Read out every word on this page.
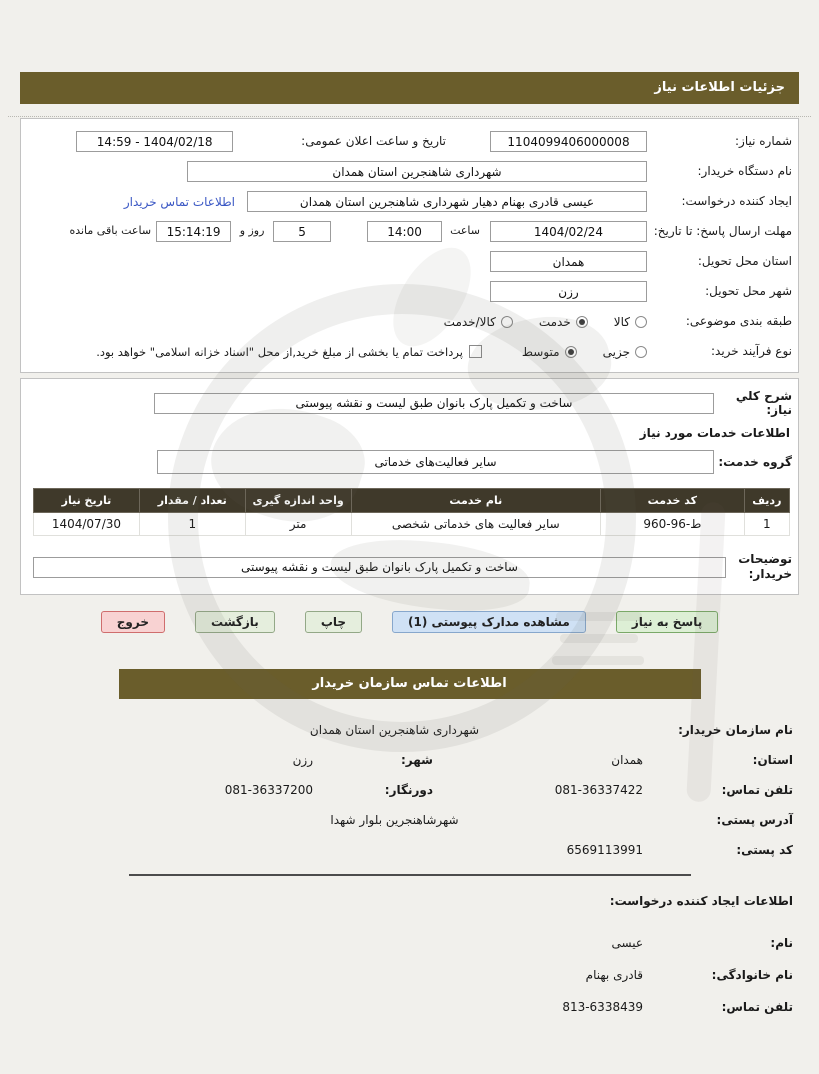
جزئیات اطلاعات نیاز
شماره نیاز:
1104099406000008
تاریخ و ساعت اعلان عمومی:
1404/02/18 - 14:59
نام دستگاه خریدار:
شهرداری شاهنجرین استان همدان
ایجاد کننده درخواست:
عیسی قادری بهنام دهیار شهرداری شاهنجرین استان همدان
اطلاعات تماس خریدار
مهلت ارسال پاسخ: تا تاریخ:
1404/02/24
ساعت
14:00
5
روز و
15:14:19
ساعت باقی مانده
استان محل تحویل:
همدان
شهر محل تحویل:
رزن
طبقه بندی موضوعی:
کالا
خدمت
کالا/خدمت
نوع فرآیند خرید:
جزیی
متوسط
پرداخت تمام یا بخشی از مبلغ خرید,از محل "اسناد خزانه اسلامی" خواهد بود.
شرح كلي نياز:
ساخت و تکمیل پارک بانوان طبق لیست و نقشه پیوستی
اطلاعات خدمات مورد نیاز
گروه خدمت:
سایر فعالیت‌های خدماتی
ردیف	کد خدمت	نام خدمت	واحد اندازه گیری	تعداد / مقدار	تاریخ نیاز
1	ط-96-960	سایر فعالیت های خدماتی شخصی	متر	1	1404/07/30
توضیحات خریدار:
ساخت و تکمیل پارک بانوان طبق لیست و نقشه پیوستی
پاسخ به نیاز
مشاهده مدارک پیوستی (1)
چاپ
بازگشت
خروج
اطلاعات تماس سازمان خریدار
نام سازمان خریدار:
شهرداری شاهنجرین استان همدان
استان:
همدان
شهر:
رزن
تلفن تماس:
081-36337422
دورنگار:
081-36337200
آدرس پستی:
شهرشاهنجرین بلوار شهدا
کد پستی:
6569113991
اطلاعات ایجاد کننده درخواست:
نام:
عیسی
نام خانوادگی:
قادری بهنام
تلفن تماس:
813-6338439
